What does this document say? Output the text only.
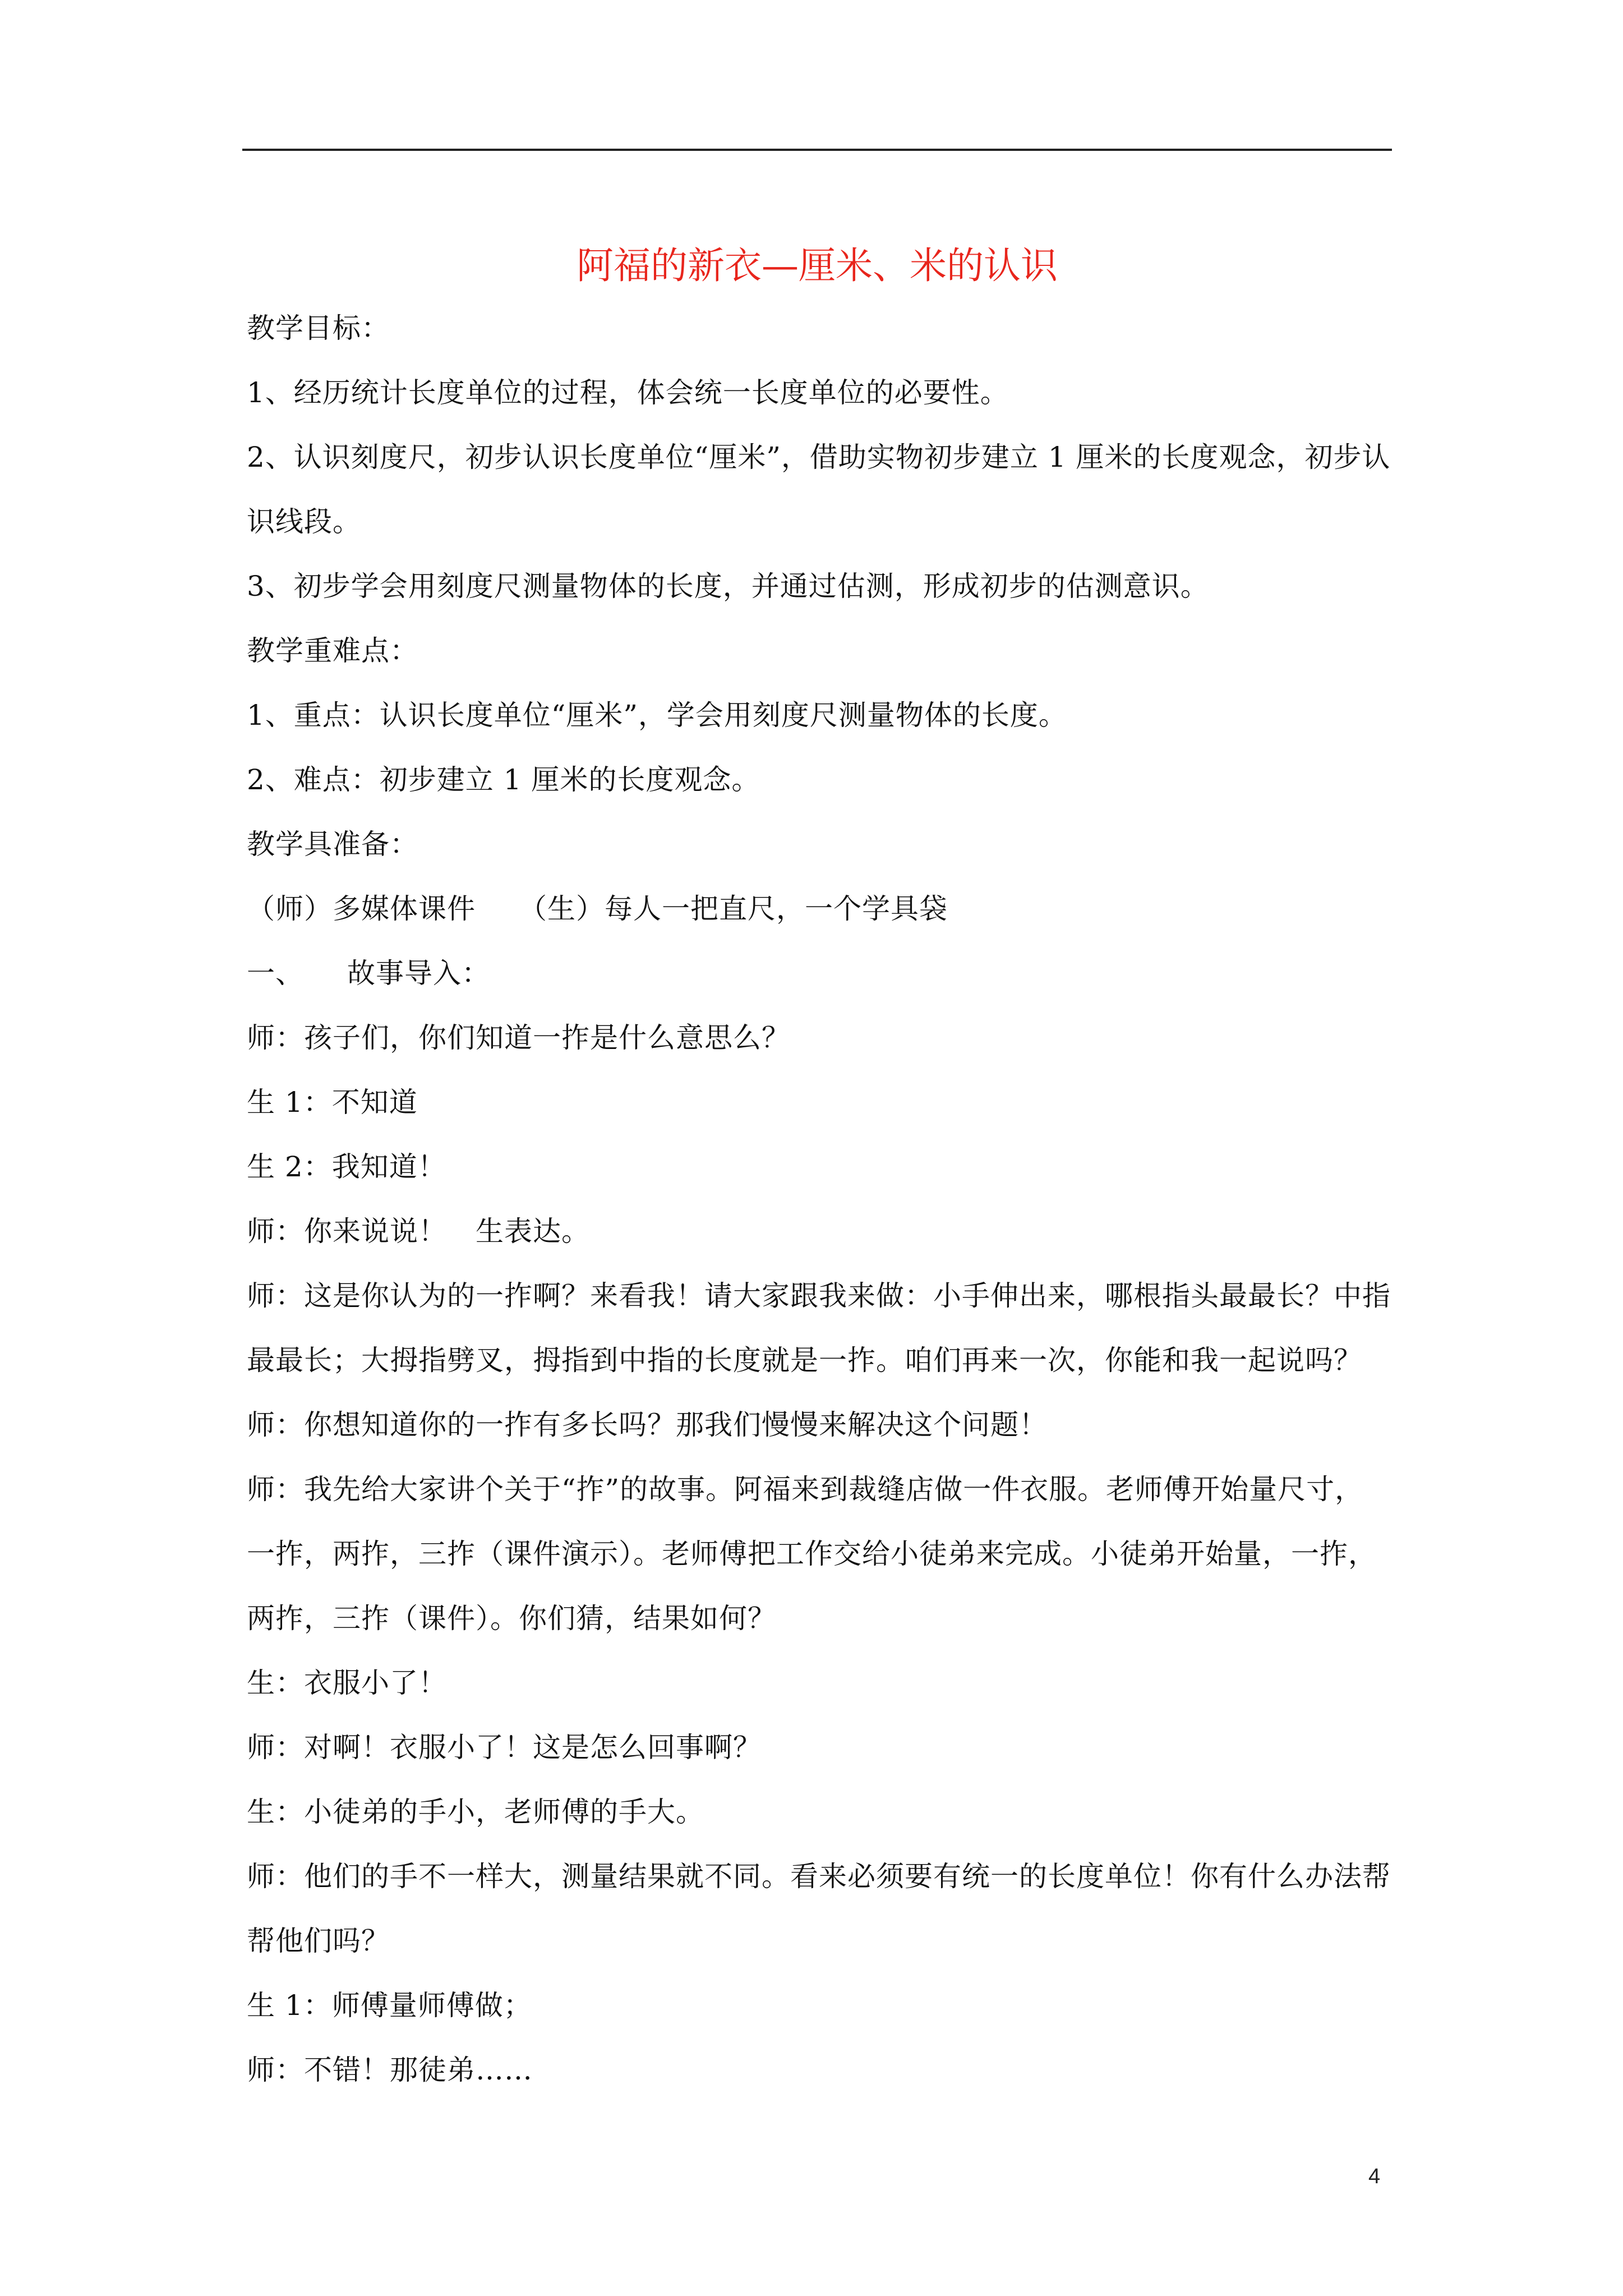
阿福的新衣—厘米、米的认识
教学目标：
1、经历统计长度单位的过程，体会统一长度单位的必要性。
2、认识刻度尺，初步认识长度单位“厘米”，借助实物初步建立 1 厘米的长度观念，初步认
识线段。
3、初步学会用刻度尺测量物体的长度，并通过估测，形成初步的估测意识。
教学重难点：
1、重点：认识长度单位“厘米”，学会用刻度尺测量物体的长度。
2、难点：初步建立 1 厘米的长度观念。
教学具准备：
（师）多媒体课件　　（生）每人一把直尺，一个学具袋
一、　　故事导入：
师：孩子们，你们知道一拃是什么意思么？
生 1：不知道
生 2：我知道！
师：你来说说！　生表达。
师：这是你认为的一拃啊？来看我！请大家跟我来做：小手伸出来，哪根指头最最长？中指
最最长；大拇指劈叉，拇指到中指的长度就是一拃。咱们再来一次，你能和我一起说吗？
师：你想知道你的一拃有多长吗？那我们慢慢来解决这个问题！
师：我先给大家讲个关于“拃”的故事。阿福来到裁缝店做一件衣服。老师傅开始量尺寸，
一拃，两拃，三拃（课件演示）。老师傅把工作交给小徒弟来完成。小徒弟开始量，一拃，
两拃，三拃（课件）。你们猜，结果如何？
生：衣服小了！
师：对啊！衣服小了！这是怎么回事啊？
生：小徒弟的手小，老师傅的手大。
师：他们的手不一样大，测量结果就不同。看来必须要有统一的长度单位！你有什么办法帮
帮他们吗？
生 1：师傅量师傅做；
师：不错！那徒弟……
4
